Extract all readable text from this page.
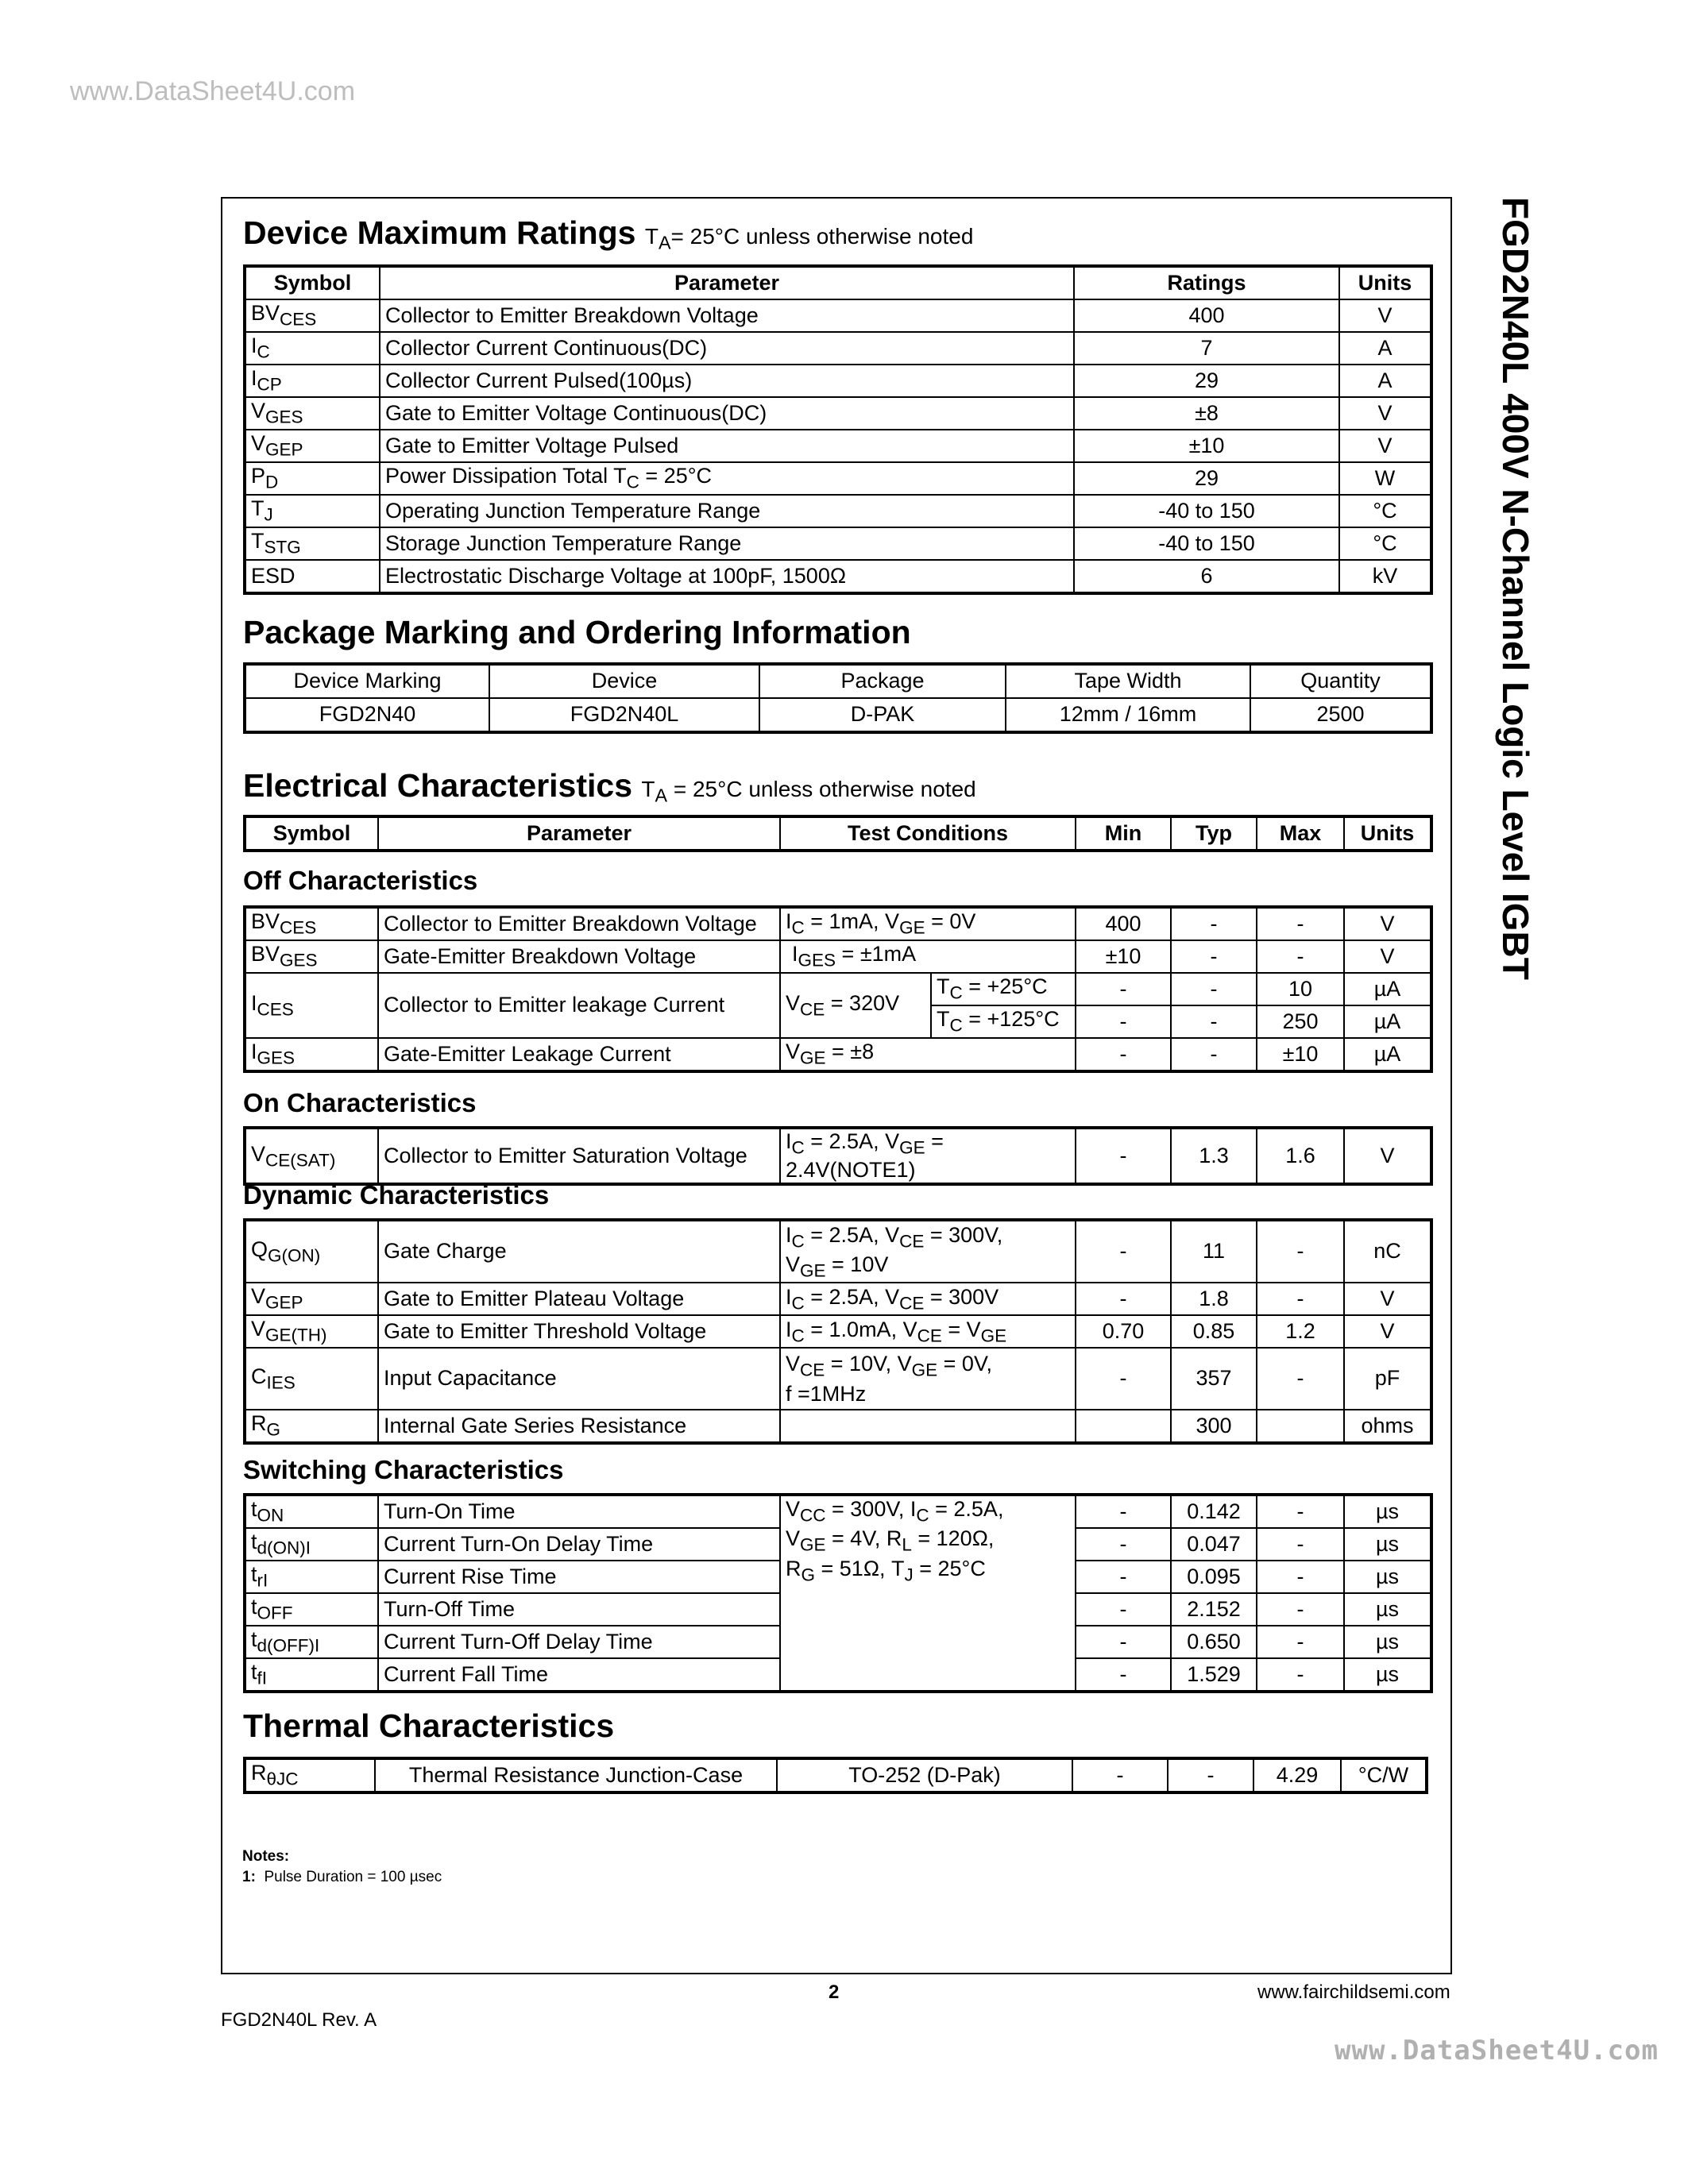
www.DataSheet4U.com
FGD2N40L 400V N-Channel Logic Level IGBT
Device Maximum Ratings $T_A= 25^\circ C$ unless otherwise noted
Symbol	Parameter	Ratings	Units
$BV_{CES}$	Collector to Emitter Breakdown Voltage	400	V
$I_C$	Collector Current Continuous(DC)	7	A
$I_{CP}$	Collector Current Pulsed(100µs)	29	A
$V_{GES}$	Gate to Emitter Voltage Continuous(DC)	±8	V
$V_{GEP}$	Gate to Emitter Voltage Pulsed	±10	V
$P_D$	Power Dissipation Total $T_C = 25^\circ C$	29	W
$T_J$	Operating Junction Temperature Range	-40 to 150	°C
$T_{STG}$	Storage Junction Temperature Range	-40 to 150	°C
ESD	Electrostatic Discharge Voltage at 100pF, 1500Ω	6	kV
Package Marking and Ordering Information
Device Marking	Device	Package	Tape Width	Quantity
FGD2N40	FGD2N40L	D-PAK	12mm / 16mm	2500
Electrical Characteristics $T_A = 25^\circ C$ unless otherwise noted
Symbol	Parameter	Test Conditions	Min	Typ	Max	Units
Off Characteristics
$BV_{CES}$	Collector to Emitter Breakdown Voltage	$I_C = 1mA$, $V_{GE} = 0V$		400	-	-	V
$BV_{GES}$	Gate-Emitter Breakdown Voltage	$I_{GES} = \pm 1mA$		±10	-	-	V
$I_{CES}$	Collector to Emitter leakage Current	$V_{CE} = 320V$	$T_C = +25^\circ C$	-	-	10	µA
			$T_C = +125^\circ C$	-	-	250	µA
$I_{GES}$	Gate-Emitter Leakage Current	$V_{GE} = \pm 8$		-	-	±10	µA
On Characteristics
$V_{CE(SAT)}$	Collector to Emitter Saturation Voltage	$I_C = 2.5A$, $V_{GE}$ = 2.4V(NOTE1)	-	1.3	1.6	V
Dynamic Characteristics
$Q_{G(ON)}$	Gate Charge	$I_C = 2.5A$, $V_{CE} = 300V$,
$V_{GE} = 10V$	-	11	-	nC
$V_{GEP}$	Gate to Emitter Plateau Voltage	$I_C = 2.5A$, $V_{CE} = 300V$	-	1.8	-	V
$V_{GE(TH)}$	Gate to Emitter Threshold Voltage	$I_C = 1.0mA$, $V_{CE} = V_{GE}$	0.70	0.85	1.2	V
$C_{IES}$	Input Capacitance	$V_{CE} = 10V$, $V_{GE} = 0V$,
f =1MHz	-	357	-	pF
$R_G$	Internal Gate Series Resistance			300		ohms
Switching Characteristics
$t_{ON}$	Turn-On Time	$V_{CC} = 300V$, $I_C = 2.5A$,
$V_{GE} = 4V$, $R_L = 120\Omega$,
$R_G = 51\Omega$, $T_J = 25^\circ C$	-	0.142	-	µs
$t_{d(ON)I}$	Current Turn-On Delay Time		-	0.047	-	µs
$t_{rI}$	Current Rise Time		-	0.095	-	µs
$t_{OFF}$	Turn-Off Time		-	2.152	-	µs
$t_{d(OFF)I}$	Current Turn-Off Delay Time		-	0.650	-	µs
$t_{fI}$	Current Fall Time		-	1.529	-	µs
Thermal Characteristics
$R_{\theta JC}$	Thermal Resistance Junction-Case	TO-252 (D-Pak)	-	-	4.29	°C/W
Notes:
1: Pulse Duration = 100 µsec
2	www.fairchildsemi.com
FGD2N40L Rev. A
www.DataSheet4U.com
